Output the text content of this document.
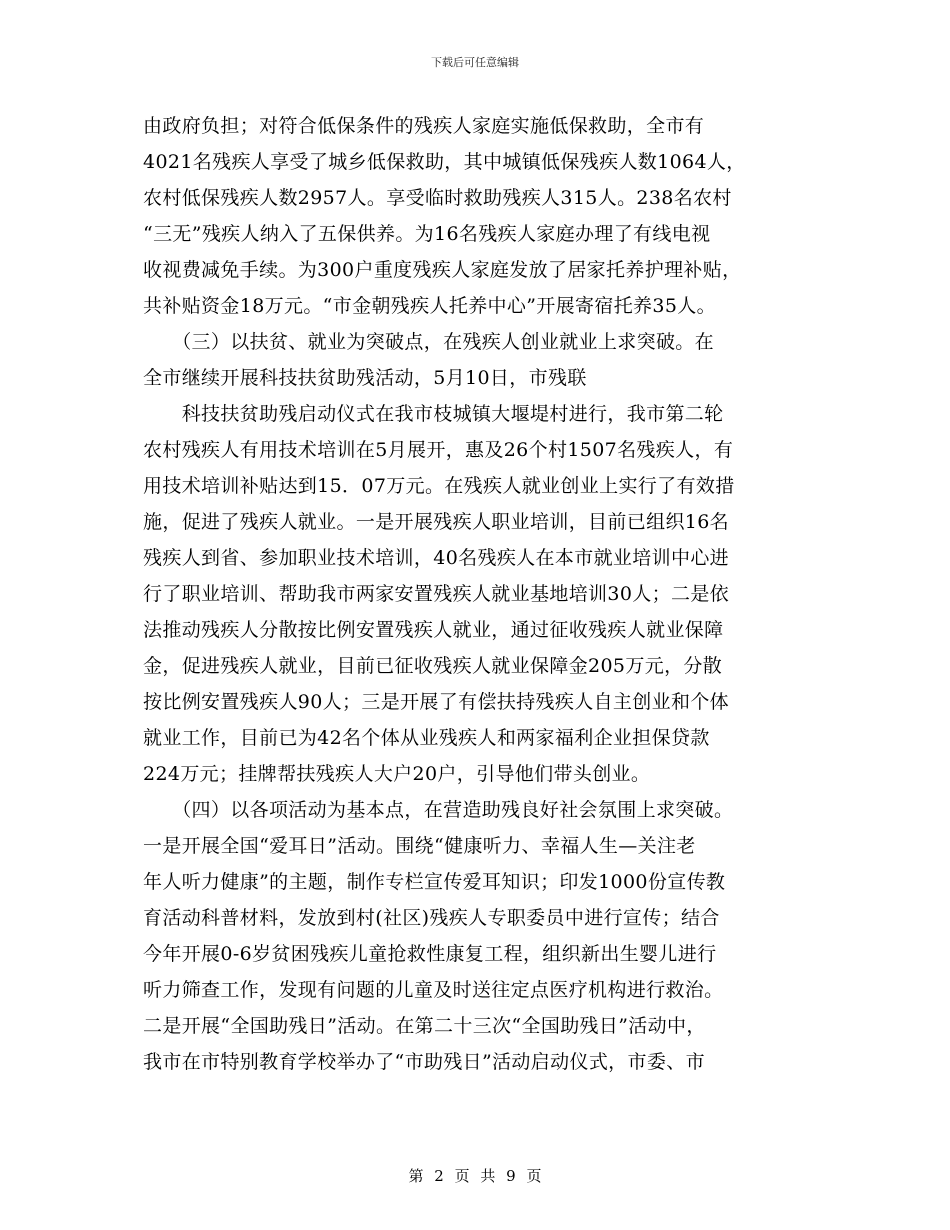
下载后可任意编辑
由政府负担；对符合低保条件的残疾人家庭实施低保救助，全市有
4021名残疾人享受了城乡低保救助，其中城镇低保残疾人数1064人，
农村低保残疾人数2957人。享受临时救助残疾人315人。238名农村
“三无”残疾人纳入了五保供养。为16名残疾人家庭办理了有线电视
收视费减免手续。为300户重度残疾人家庭发放了居家托养护理补贴，
共补贴资金18万元。“市金朝残疾人托养中心”开展寄宿托养35人。
　　（三）以扶贫、就业为突破点，在残疾人创业就业上求突破。在
全市继续开展科技扶贫助残活动，5月10日，市残联
　　科技扶贫助残启动仪式在我市枝城镇大堰堤村进行，我市第二轮
农村残疾人有用技术培训在5月展开，惠及26个村1507名残疾人，有
用技术培训补贴达到15．07万元。在残疾人就业创业上实行了有效措
施，促进了残疾人就业。一是开展残疾人职业培训，目前已组织16名
残疾人到省、参加职业技术培训，40名残疾人在本市就业培训中心进
行了职业培训、帮助我市两家安置残疾人就业基地培训30人；二是依
法推动残疾人分散按比例安置残疾人就业，通过征收残疾人就业保障
金，促进残疾人就业，目前已征收残疾人就业保障金205万元，分散
按比例安置残疾人90人；三是开展了有偿扶持残疾人自主创业和个体
就业工作，目前已为42名个体从业残疾人和两家福利企业担保贷款
224万元；挂牌帮扶残疾人大户20户，引导他们带头创业。
　　（四）以各项活动为基本点，在营造助残良好社会氛围上求突破。
一是开展全国“爱耳日”活动。围绕“健康听力、幸福人生—关注老
年人听力健康”的主题，制作专栏宣传爱耳知识；印发1000份宣传教
育活动科普材料，发放到村(社区)残疾人专职委员中进行宣传；结合
今年开展0-6岁贫困残疾儿童抢救性康复工程，组织新出生婴儿进行
听力筛查工作，发现有问题的儿童及时送往定点医疗机构进行救治。
二是开展“全国助残日”活动。在第二十三次“全国助残日”活动中，
我市在市特别教育学校举办了“市助残日”活动启动仪式，市委、市
第 2 页 共 9 页
